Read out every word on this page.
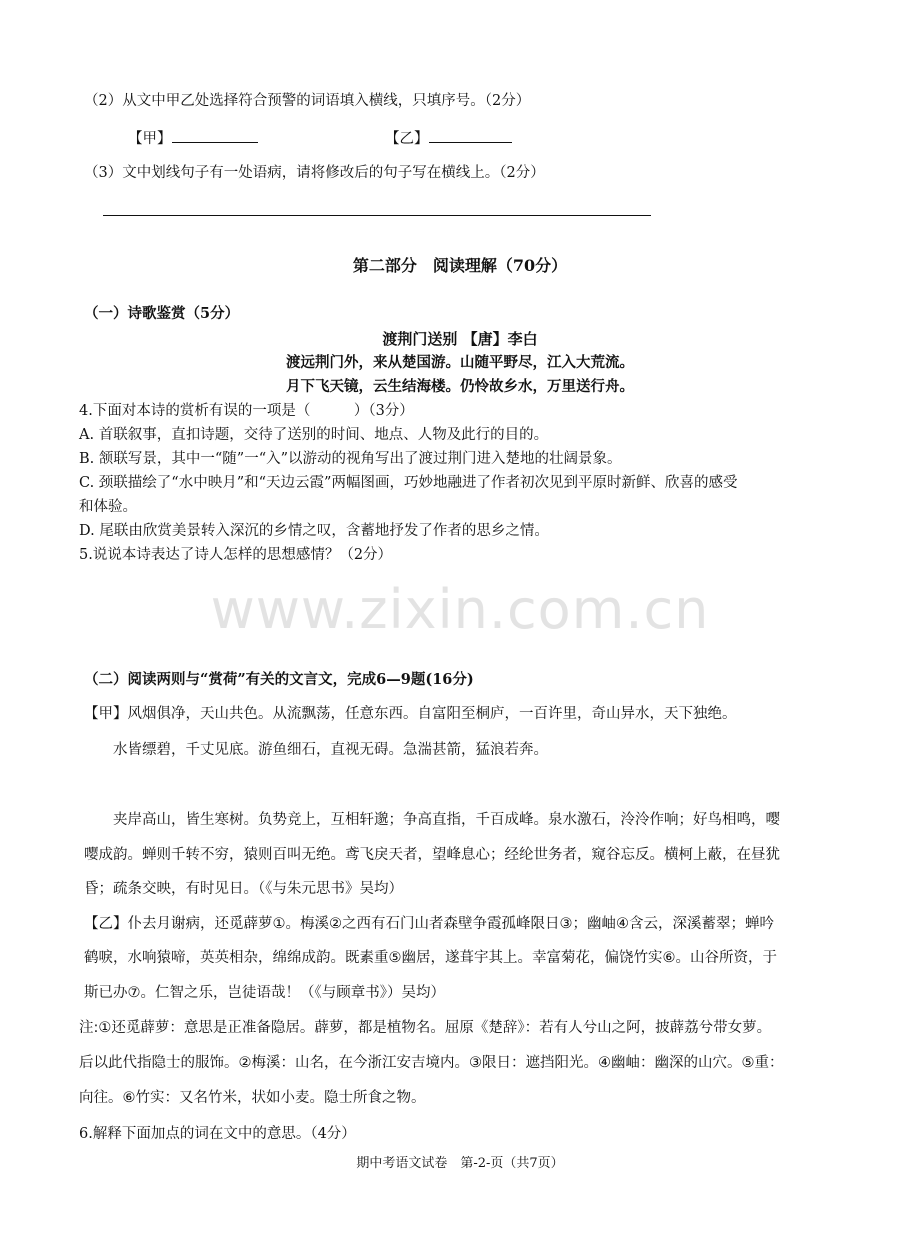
（2）从文中甲乙处选择符合预警的词语填入横线，只填序号。（2分）
【甲】	【乙】
（3）文中划线句子有一处语病，请将修改后的句子写在横线上。（2分）
第二部分　阅读理解（70分）
（一）诗歌鉴赏（5分）
渡荆门送别 【唐】李白
渡远荆门外，来从楚国游。山随平野尽，江入大荒流。
月下飞天镜，云生结海楼。仍怜故乡水，万里送行舟。
4.下面对本诗的赏析有误的一项是（　　　）（3分）
A. 首联叙事，直扣诗题，交待了送别的时间、地点、人物及此行的目的。
B. 颔联写景，其中一“随”一“入”以游动的视角写出了渡过荆门进入楚地的壮阔景象。
C. 颈联描绘了“水中映月”和“天边云霞”两幅图画，巧妙地融进了作者初次见到平原时新鲜、欣喜的感受
和体验。
D. 尾联由欣赏美景转入深沉的乡情之叹，含蓄地抒发了作者的思乡之情。
5.说说本诗表达了诗人怎样的思想感情？（2分）
www.zixin.com.cn
（二）阅读两则与“赏荷”有关的文言文，完成6—9题(16分)
【甲】风烟俱净，天山共色。从流飘荡，任意东西。自富阳至桐庐，一百许里，奇山异水，天下独绝。
水皆缥碧，千丈见底。游鱼细石，直视无碍。急湍甚箭，猛浪若奔。
夹岸高山，皆生寒树。负势竞上，互相轩邈；争高直指，千百成峰。泉水激石，泠泠作响；好鸟相鸣，嘤
嘤成韵。蝉则千转不穷，猿则百叫无绝。鸢飞戾天者，望峰息心；经纶世务者，窥谷忘反。横柯上蔽，在昼犹
昏；疏条交映，有时见日。（《与朱元思书》吴均）
【乙】仆去月谢病，还觅薜萝①。梅溪②之西有石门山者森壁争霞孤峰限日③；幽岫④含云，深溪蓄翠；蝉吟
鹤唳，水响猿啼，英英相杂，绵绵成韵。既素重⑤幽居，遂葺宇其上。幸富菊花，偏饶竹实⑥。山谷所资，于
斯已办⑦。仁智之乐，岂徒语哉！（《与顾章书》）吴均）
注:①还觅薜萝：意思是正准备隐居。薜萝，都是植物名。屈原《楚辞》：若有人兮山之阿，披薜荔兮带女萝。
后以此代指隐士的服饰。②梅溪：山名，在今浙江安吉境内。③限日：遮挡阳光。④幽岫：幽深的山穴。⑤重：
向往。⑥竹实：又名竹米，状如小麦。隐士所食之物。
6.解释下面加点的词在文中的意思。（4分）
期中考语文试卷　第-2-页（共7页）
